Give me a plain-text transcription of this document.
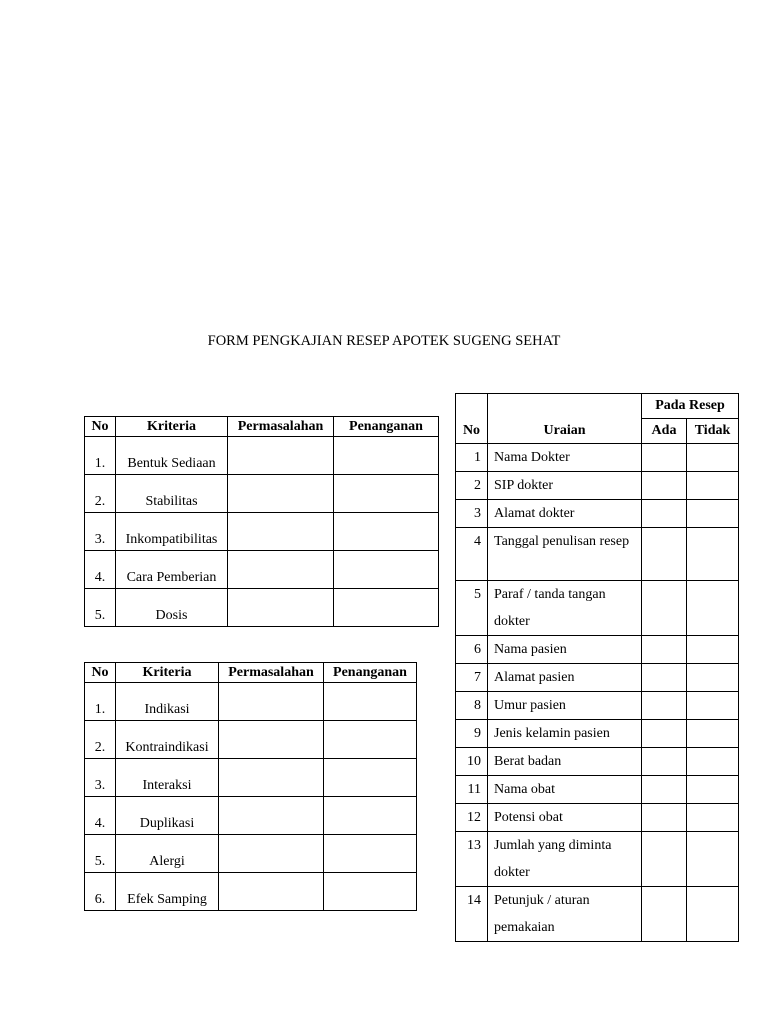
FORM PENGKAJIAN RESEP APOTEK SUGENG SEHAT
No	Kriteria	Permasalahan	Penanganan
1.	Bentuk Sediaan		
2.	Stabilitas		
3.	Inkompatibilitas		
4.	Cara Pemberian		
5.	Dosis		
No	Kriteria	Permasalahan	Penanganan
1.	Indikasi		
2.	Kontraindikasi		
3.	Interaksi		
4.	Duplikasi		
5.	Alergi		
6.	Efek Samping		
No	Uraian	Pada Resep	
		Ada	Tidak
1	Nama Dokter		
2	SIP dokter		
3	Alamat dokter		
4	Tanggal penulisan resep		
5	Paraf / tanda tangan dokter		
6	Nama pasien		
7	Alamat pasien		
8	Umur pasien		
9	Jenis kelamin pasien		
10	Berat badan		
11	Nama obat		
12	Potensi obat		
13	Jumlah yang diminta dokter		
14	Petunjuk / aturan pemakaian		
